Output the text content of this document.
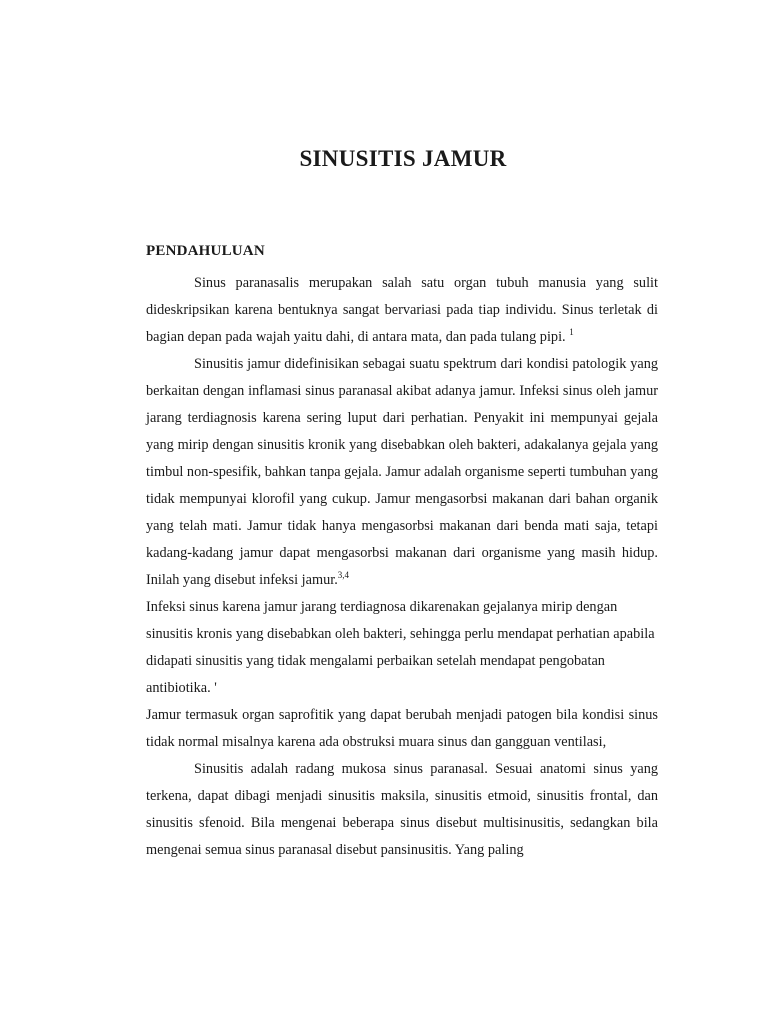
SINUSITIS JAMUR
PENDAHULUAN

Sinus paranasalis merupakan salah satu organ tubuh manusia yang sulit dideskripsikan karena bentuknya sangat bervariasi pada tiap individu. Sinus terletak di bagian depan pada wajah yaitu dahi, di antara mata, dan pada tulang pipi. $^1$

Sinusitis jamur didefinisikan sebagai suatu spektrum dari kondisi patologik yang berkaitan dengan inflamasi sinus paranasal akibat adanya jamur. Infeksi sinus oleh jamur jarang terdiagnosis karena sering luput dari perhatian. Penyakit ini mempunyai gejala yang mirip dengan sinusitis kronik yang disebabkan oleh bakteri, adakalanya gejala yang timbul non-spesifik, bahkan tanpa gejala. Jamur adalah organisme seperti tumbuhan yang tidak mempunyai klorofil yang cukup. Jamur mengasorbsi makanan dari bahan organik yang telah mati. Jamur tidak hanya mengasorbsi makanan dari benda mati saja, tetapi kadang-kadang jamur dapat mengasorbsi makanan dari organisme yang masih hidup. Inilah yang disebut infeksi jamur.$^{3,4}$

Infeksi sinus karena jamur jarang terdiagnosa dikarenakan gejalanya mirip dengan sinusitis kronis yang disebabkan oleh bakteri, sehingga perlu mendapat perhatian apabila

didapati sinusitis yang tidak mengalami perbaikan setelah mendapat pengobatan antibiotika. '

Jamur termasuk organ saprofitik yang dapat berubah menjadi patogen bila kondisi sinus tidak normal misalnya karena ada obstruksi muara sinus dan gangguan ventilasi,

Sinusitis adalah radang mukosa sinus paranasal. Sesuai anatomi sinus yang terkena, dapat dibagi menjadi sinusitis maksila, sinusitis etmoid, sinusitis frontal, dan sinusitis sfenoid. Bila mengenai beberapa sinus disebut multisinusitis, sedangkan bila mengenai semua sinus paranasal disebut pansinusitis. Yang paling
